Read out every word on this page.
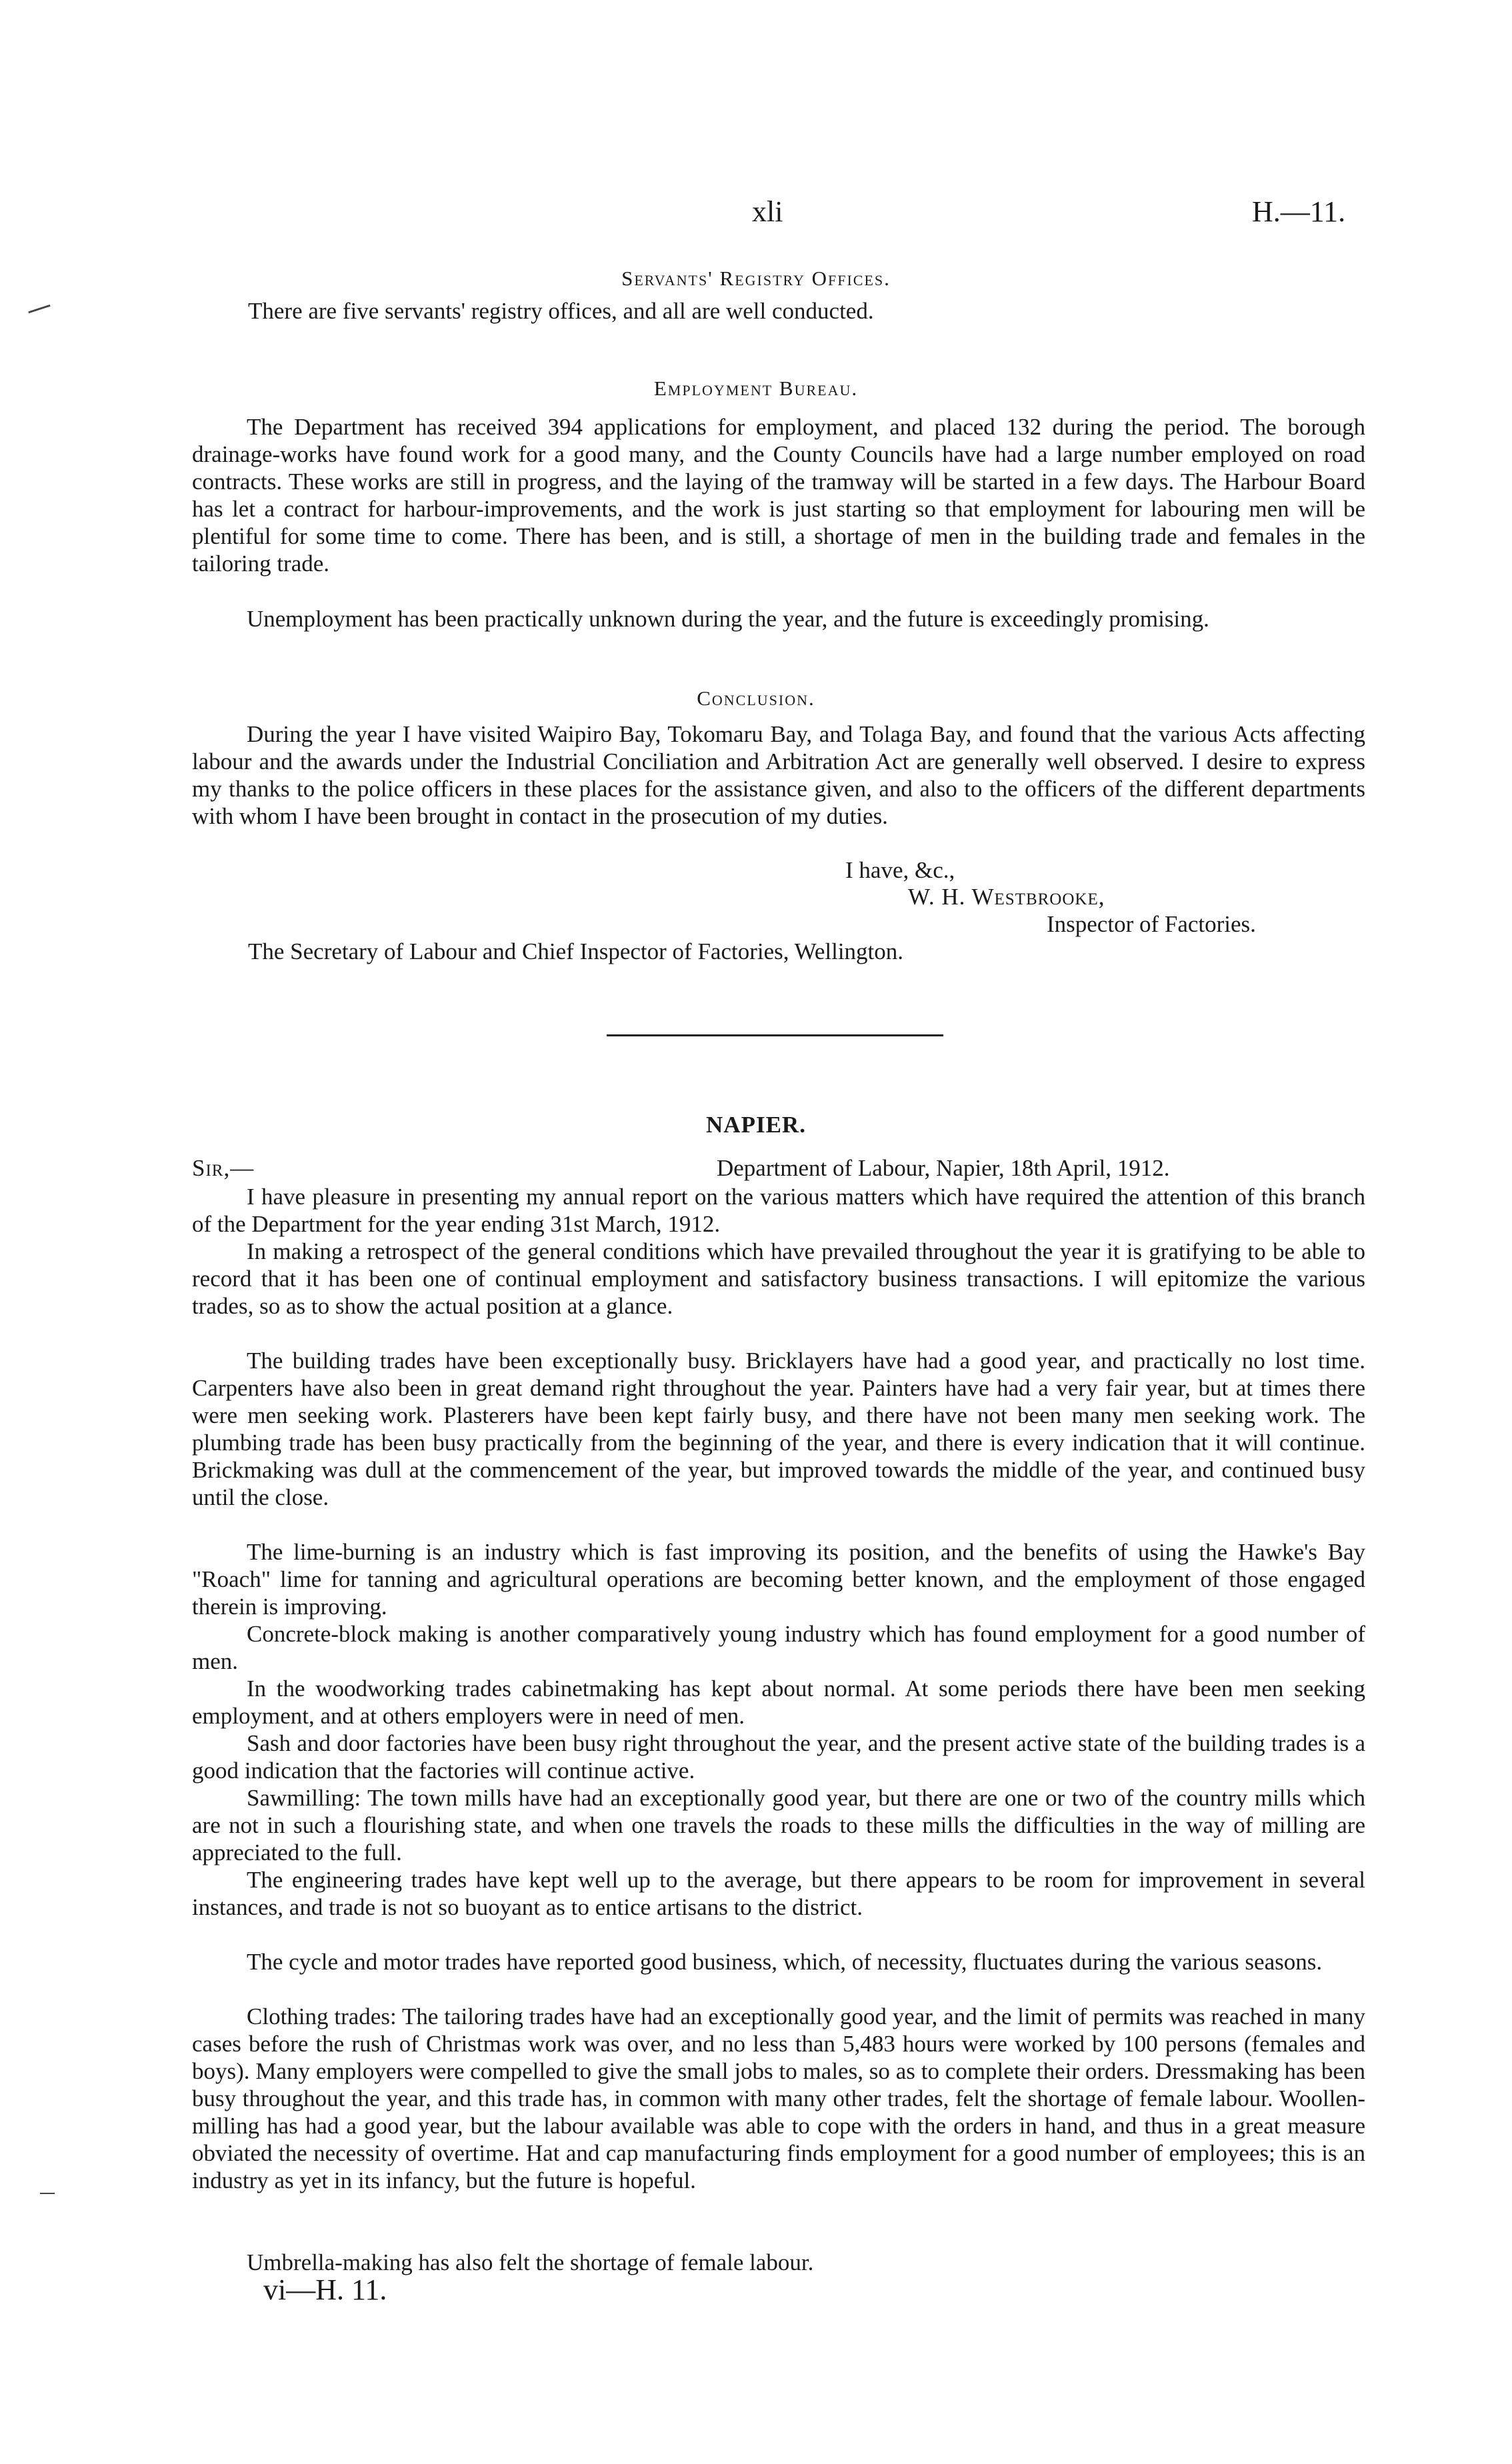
xli	H.—11.
Servants' Registry Offices.
There are five servants' registry offices, and all are well conducted.
Employment Bureau.

The Department has received 394 applications for employment, and placed 132 during the period. The borough drainage-works have found work for a good many, and the County Councils have had a large number employed on road contracts. These works are still in progress, and the laying of the tramway will be started in a few days. The Harbour Board has let a contract for harbour-improvements, and the work is just starting so that employment for labouring men will be plentiful for some time to come. There has been, and is still, a shortage of men in the building trade and females in the tailoring trade.

Unemployment has been practically unknown during the year, and the future is exceedingly promising.

Conclusion.

During the year I have visited Waipiro Bay, Tokomaru Bay, and Tolaga Bay, and found that the various Acts affecting labour and the awards under the Industrial Conciliation and Arbitration Act are generally well observed. I desire to express my thanks to the police officers in these places for the assistance given, and also to the officers of the different departments with whom I have been brought in contact in the prosecution of my duties.

I have, &c.,
W. H. Westbrooke,
Inspector of Factories.
The Secretary of Labour and Chief Inspector of Factories, Wellington.
NAPIER.
Sir,—	Department of Labour, Napier, 18th April, 1912.

I have pleasure in presenting my annual report on the various matters which have required the attention of this branch of the Department for the year ending 31st March, 1912.

In making a retrospect of the general conditions which have prevailed throughout the year it is gratifying to be able to record that it has been one of continual employment and satisfactory business transactions. I will epitomize the various trades, so as to show the actual position at a glance.

The building trades have been exceptionally busy. Bricklayers have had a good year, and practically no lost time. Carpenters have also been in great demand right throughout the year. Painters have had a very fair year, but at times there were men seeking work. Plasterers have been kept fairly busy, and there have not been many men seeking work. The plumbing trade has been busy practically from the beginning of the year, and there is every indication that it will continue. Brickmaking was dull at the commencement of the year, but improved towards the middle of the year, and continued busy until the close.

The lime-burning is an industry which is fast improving its position, and the benefits of using the Hawke's Bay "Roach" lime for tanning and agricultural operations are becoming better known, and the employment of those engaged therein is improving.

Concrete-block making is another comparatively young industry which has found employment for a good number of men.

In the woodworking trades cabinetmaking has kept about normal. At some periods there have been men seeking employment, and at others employers were in need of men.

Sash and door factories have been busy right throughout the year, and the present active state of the building trades is a good indication that the factories will continue active.

Sawmilling: The town mills have had an exceptionally good year, but there are one or two of the country mills which are not in such a flourishing state, and when one travels the roads to these mills the difficulties in the way of milling are appreciated to the full.

The engineering trades have kept well up to the average, but there appears to be room for improvement in several instances, and trade is not so buoyant as to entice artisans to the district.

The cycle and motor trades have reported good business, which, of necessity, fluctuates during the various seasons.

Clothing trades: The tailoring trades have had an exceptionally good year, and the limit of permits was reached in many cases before the rush of Christmas work was over, and no less than 5,483 hours were worked by 100 persons (females and boys). Many employers were compelled to give the small jobs to males, so as to complete their orders. Dressmaking has been busy throughout the year, and this trade has, in common with many other trades, felt the shortage of female labour. Woollen-milling has had a good year, but the labour available was able to cope with the orders in hand, and thus in a great measure obviated the necessity of overtime. Hat and cap manufacturing finds employment for a good number of employees; this is an industry as yet in its infancy, but the future is hopeful.

Umbrella-making has also felt the shortage of female labour.

vi—H. 11.
